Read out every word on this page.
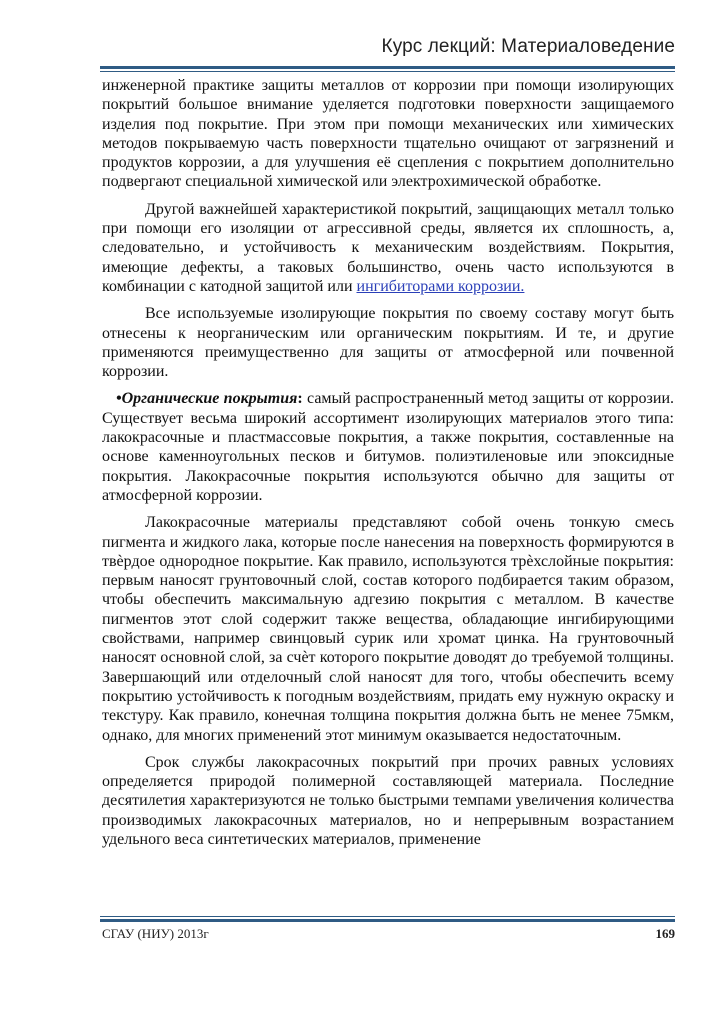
Курс лекций: Материаловедение

инженерной практике защиты металлов от коррозии при помощи изолирующих покрытий большое внимание уделяется подготовки поверхности защищаемого изделия под покрытие. При этом при помощи механических или химических методов покрываемую часть поверхности тщательно очищают от загрязнений и продуктов коррозии, а для улучшения её сцепления с покрытием дополнительно подвергают специальной химической или электрохимической обработке.

Другой важнейшей характеристикой покрытий, защищающих металл только при помощи его изоляции от агрессивной среды, является их сплошность, а, следовательно, и устойчивость к механическим воздействиям. Покрытия, имеющие дефекты, а таковых большинство, очень часто используются в комбинации с катодной защитой или ингибиторами коррозии.

Все используемые изолирующие покрытия по своему составу могут быть отнесены к неорганическим или органическим покрытиям. И те, и другие применяются преимущественно для защиты от атмосферной или почвенной коррозии.

•Органические покрытия: самый распространенный метод защиты от коррозии. Существует весьма широкий ассортимент изолирующих материалов этого типа: лакокрасочные и пластмассовые покрытия, а также покрытия, составленные на основе каменноугольных песков и битумов. полиэтиленовые или эпоксидные покрытия. Лакокрасочные покрытия используются обычно для защиты от атмосферной коррозии.

Лакокрасочные материалы представляют собой очень тонкую смесь пигмента и жидкого лака, которые после нанесения на поверхность формируются в твѐрдое однородное покрытие. Как правило, используются трѐхслойные покрытия: первым наносят грунтовочный слой, состав которого подбирается таким образом, чтобы обеспечить максимальную адгезию покрытия с металлом. В качестве пигментов этот слой содержит также вещества, обладающие ингибирующими свойствами, например свинцовый сурик или хромат цинка. На грунтовочный наносят основной слой, за счѐт которого покрытие доводят до требуемой толщины. Завершающий или отделочный слой наносят для того, чтобы обеспечить всему покрытию устойчивость к погодным воздействиям, придать ему нужную окраску и текстуру. Как правило, конечная толщина покрытия должна быть не менее 75мкм, однако, для многих применений этот минимум оказывается недостаточным.

Срок службы лакокрасочных покрытий при прочих равных условиях определяется природой полимерной составляющей материала. Последние десятилетия характеризуются не только быстрыми темпами увеличения количества производимых лакокрасочных материалов, но и непрерывным возрастанием удельного веса синтетических материалов, применение

СГАУ (НИУ) 2013г	169
